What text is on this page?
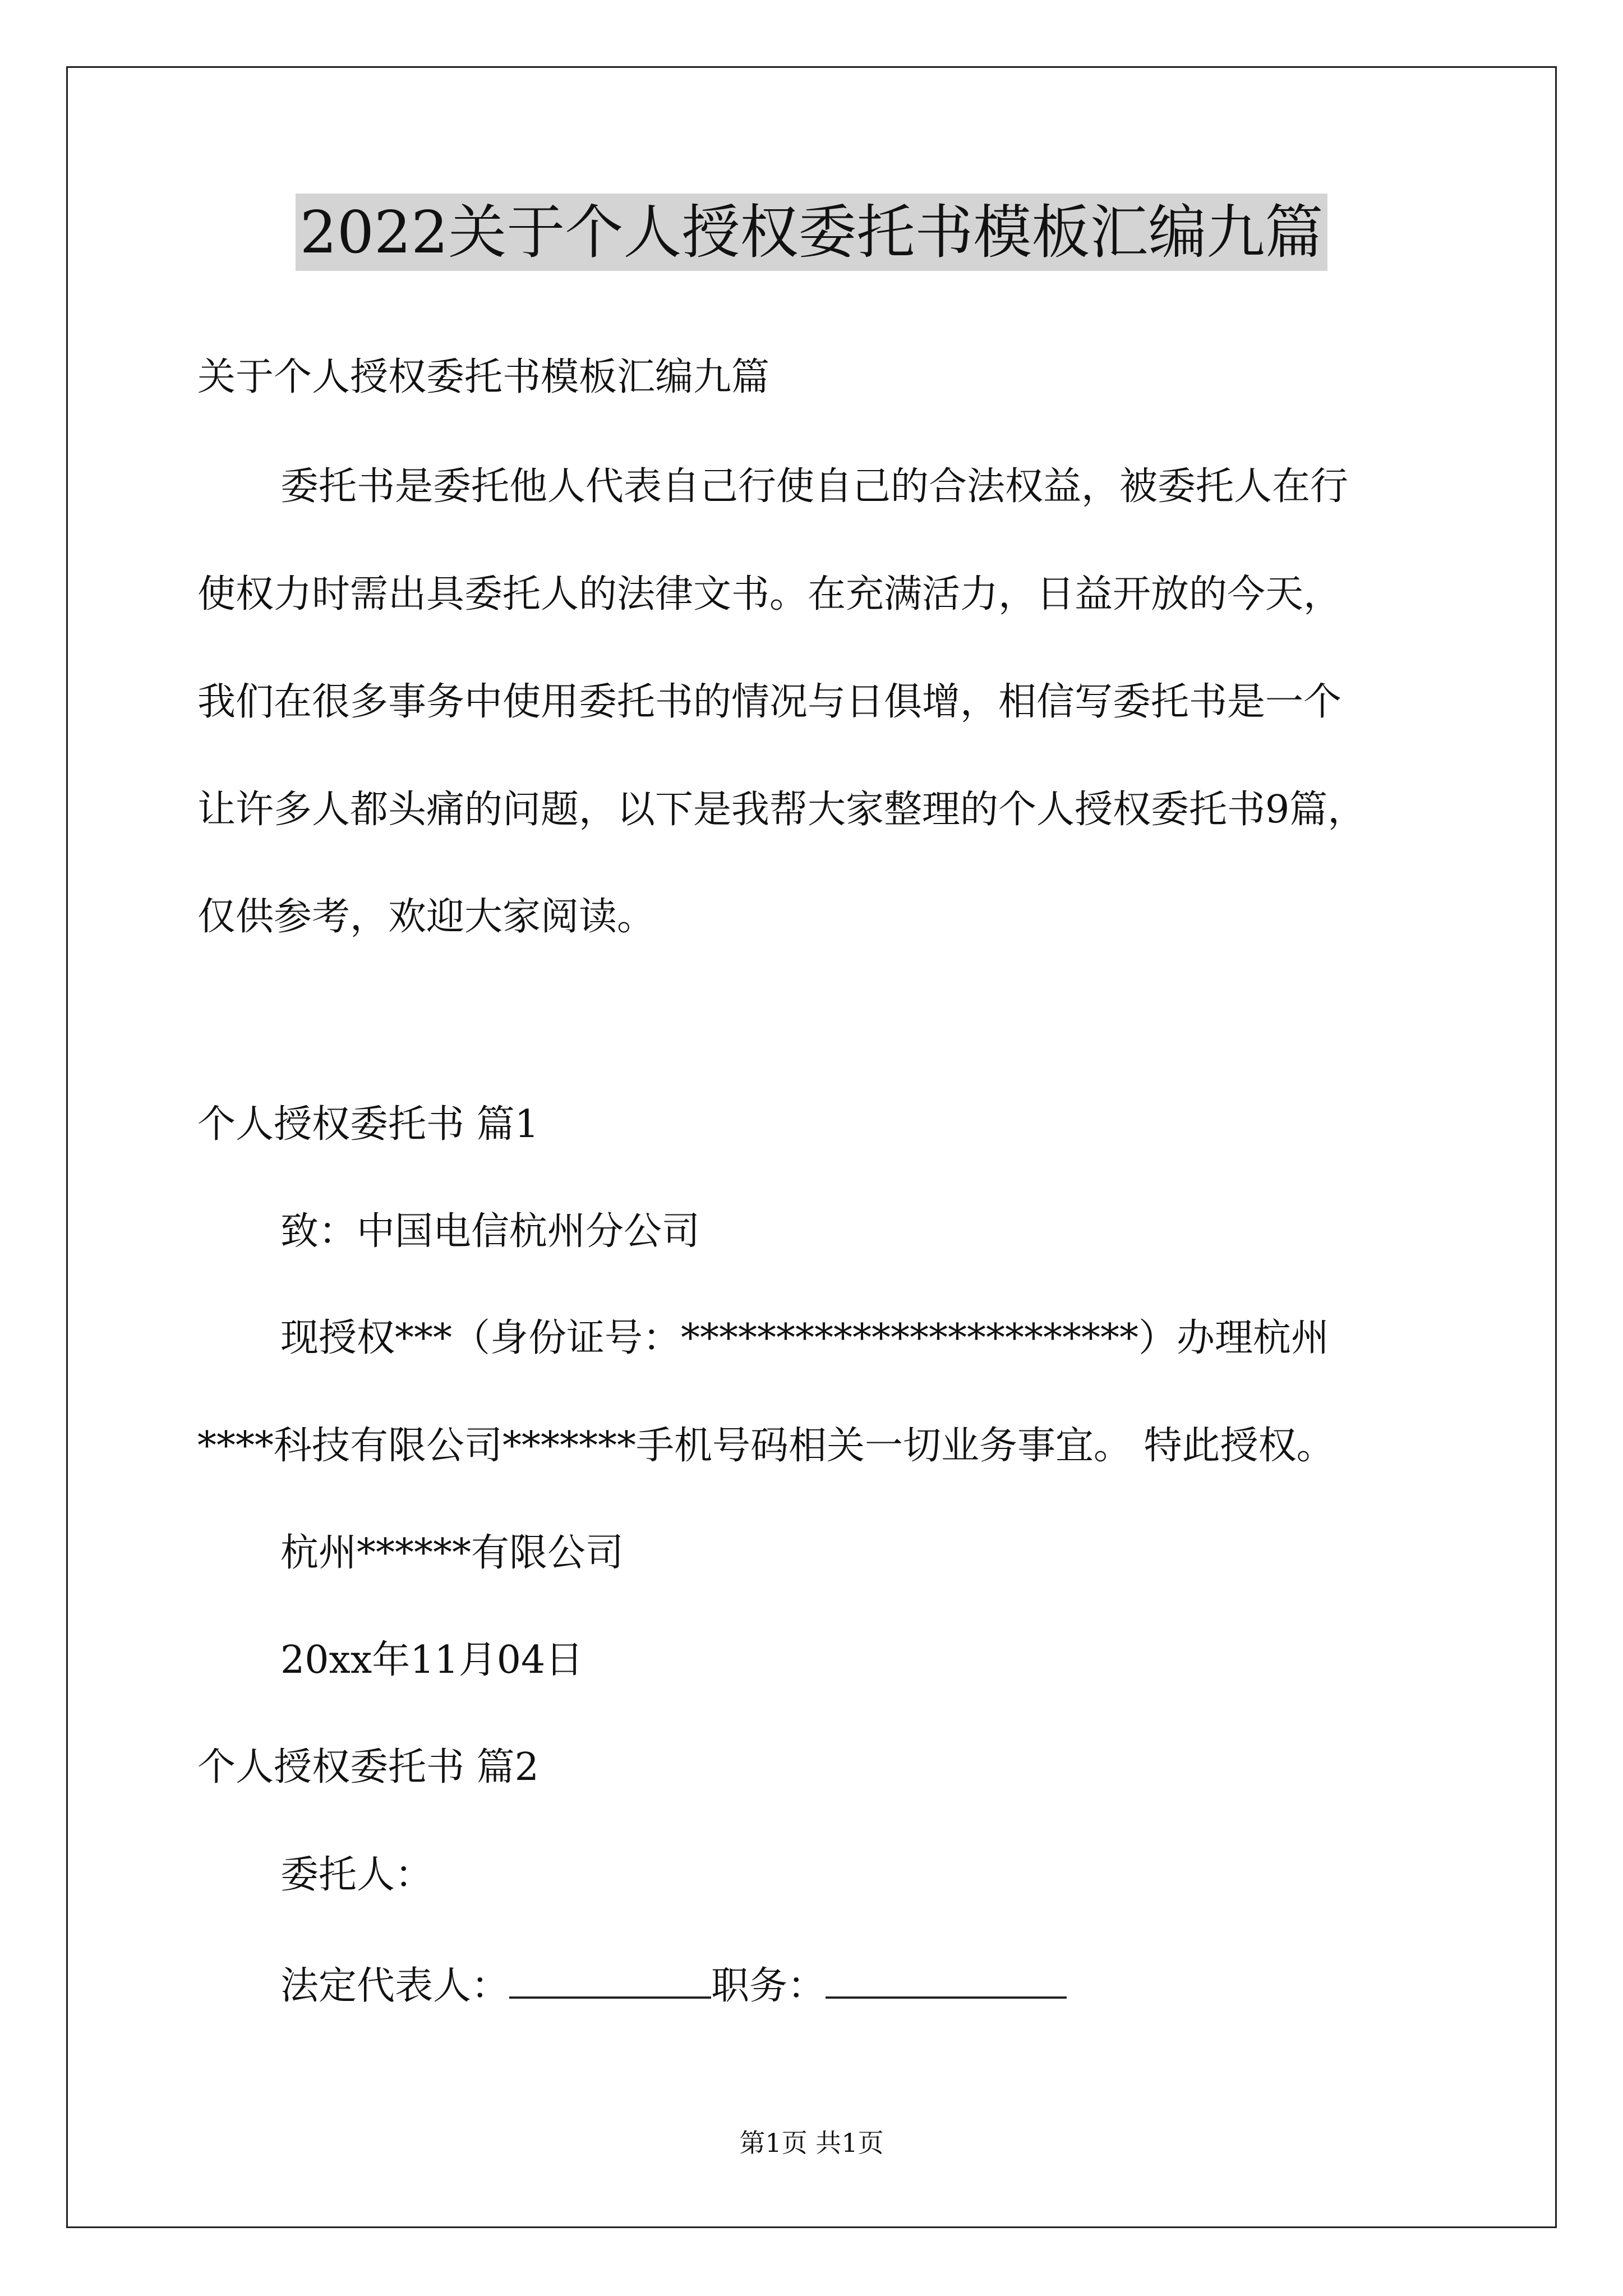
2022关于个人授权委托书模板汇编九篇
关于个人授权委托书模板汇编九篇
委托书是委托他人代表自己行使自己的合法权益，被委托人在行
使权力时需出具委托人的法律文书。在充满活力，日益开放的今天，
我们在很多事务中使用委托书的情况与日俱增，相信写委托书是一个
让许多人都头痛的问题，以下是我帮大家整理的个人授权委托书9篇，
仅供参考，欢迎大家阅读。
个人授权委托书 篇1
致：中国电信杭州分公司
现授权***（身份证号：************************）办理杭州
****科技有限公司*******手机号码相关一切业务事宜。 特此授权。
杭州******有限公司
20xx年11月04日
个人授权委托书 篇2
委托人：
法定代表人：	职务：
第1页 共1页
